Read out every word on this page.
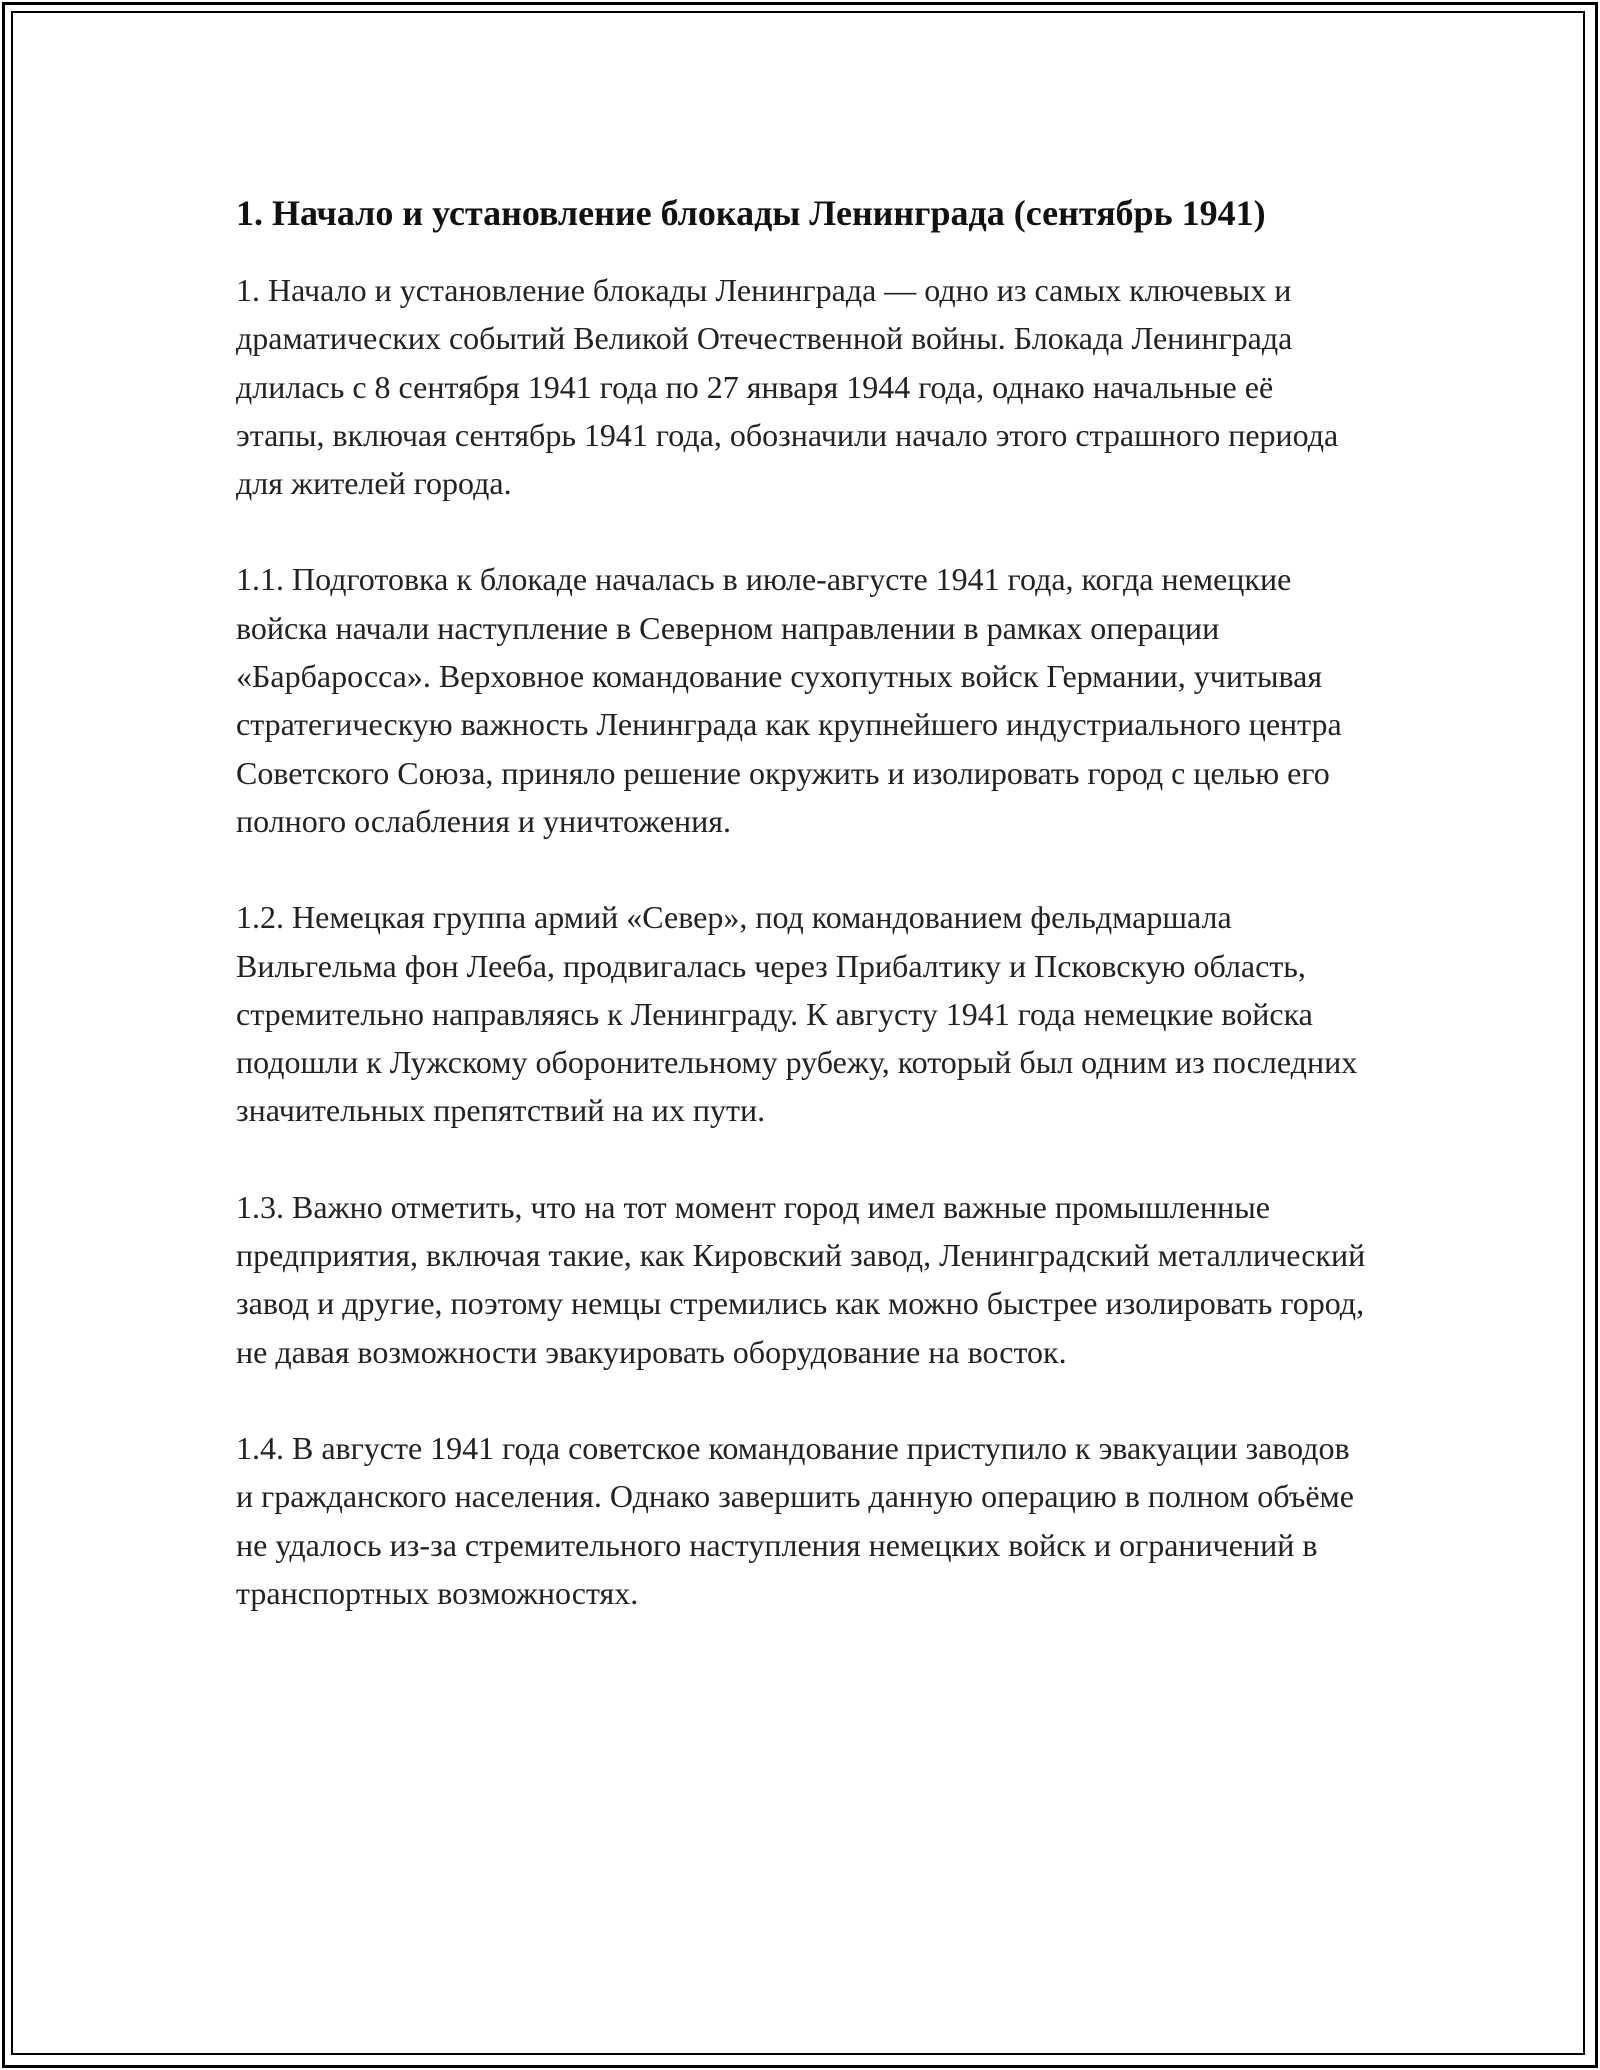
1. Начало и установление блокады Ленинграда (сентябрь 1941)

1. Начало и установление блокады Ленинграда — одно из самых ключевых и драматических событий Великой Отечественной войны. Блокада Ленинграда длилась с 8 сентября 1941 года по 27 января 1944 года, однако начальные её этапы, включая сентябрь 1941 года, обозначили начало этого страшного периода для жителей города.

1.1. Подготовка к блокаде началась в июле-августе 1941 года, когда немецкие войска начали наступление в Северном направлении в рамках операции «Барбаросса». Верховное командование сухопутных войск Германии, учитывая стратегическую важность Ленинграда как крупнейшего индустриального центра Советского Союза, приняло решение окружить и изолировать город с целью его полного ослабления и уничтожения.

1.2. Немецкая группа армий «Север», под командованием фельдмаршала Вильгельма фон Лееба, продвигалась через Прибалтику и Псковскую область, стремительно направляясь к Ленинграду. К августу 1941 года немецкие войска подошли к Лужскому оборонительному рубежу, который был одним из последних значительных препятствий на их пути.

1.3. Важно отметить, что на тот момент город имел важные промышленные предприятия, включая такие, как Кировский завод, Ленинградский металлический завод и другие, поэтому немцы стремились как можно быстрее изолировать город, не давая возможности эвакуировать оборудование на восток.

1.4. В августе 1941 года советское командование приступило к эвакуации заводов и гражданского населения. Однако завершить данную операцию в полном объёме не удалось из-за стремительного наступления немецких войск и ограничений в транспортных возможностях.
